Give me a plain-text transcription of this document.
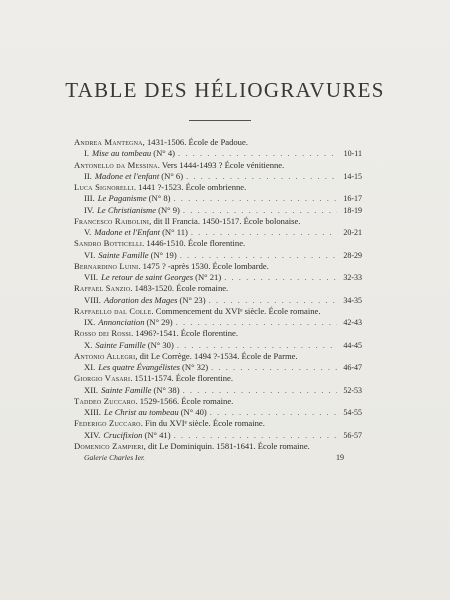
TABLE DES HÉLIOGRAVURES
Andrea Mantegna, 1431-1506. École de Padoue.
I. Mise au tombeau (N° 4) . . .	10-11
Antonello da Messina. Vers 1444-1493 ? École vénitienne.
II. Madone et l'enfant (N° 6) . . .	14-15
Luca Signorelli. 1441 ?-1523. École ombrienne.
III. Le Paganisme (N° 8) . . .	16-17
IV. Le Christianisme (N° 9) . . .	18-19
Francesco Raibolini, dit Il Francia. 1450-1517. École bolonaise.
V. Madone et l'Enfant (N° 11) . . .	20-21
Sandro Botticelli. 1446-1510. École florentine.
VI. Sainte Famille (N° 19) . . .	28-29
Bernardino Luini. 1475 ? -après 1530. École lombarde.
VII. Le retour de saint Georges (N° 21) . . .	32-33
Raffael Sanzio. 1483-1520. École romaine.
VIII. Adoration des Mages (N° 23) . . .	34-35
Raffaello dal Colle. Commencement du XVIᵉ siècle. École romaine.
IX. Annonciation (N° 29) . . .	42-43
Rosso dei Rossi. 1496?-1541. École florentine.
X. Sainte Famille (N° 30) . . .	44-45
Antonio Allegri, dit Le Corrège. 1494 ?-1534. École de Parme.
XI. Les quatre Évangélistes (N° 32) . . .	46-47
Giorgio Vasari. 1511-1574. École florentine.
XII. Sainte Famille (N° 38) . . .	52-53
Taddeo Zuccaro. 1529-1566. École romaine.
XIII. Le Christ au tombeau (N° 40) . . .	54-55
Federigo Zuccaro. Fin du XVIᵉ siècle. École romaine.
XIV. Crucifixion (N° 41) . . .	56-57
Domenico Zampieri, dit Le Dominiquin. 1581-1641. École romaine.
Galerie Charles Ier.	19
